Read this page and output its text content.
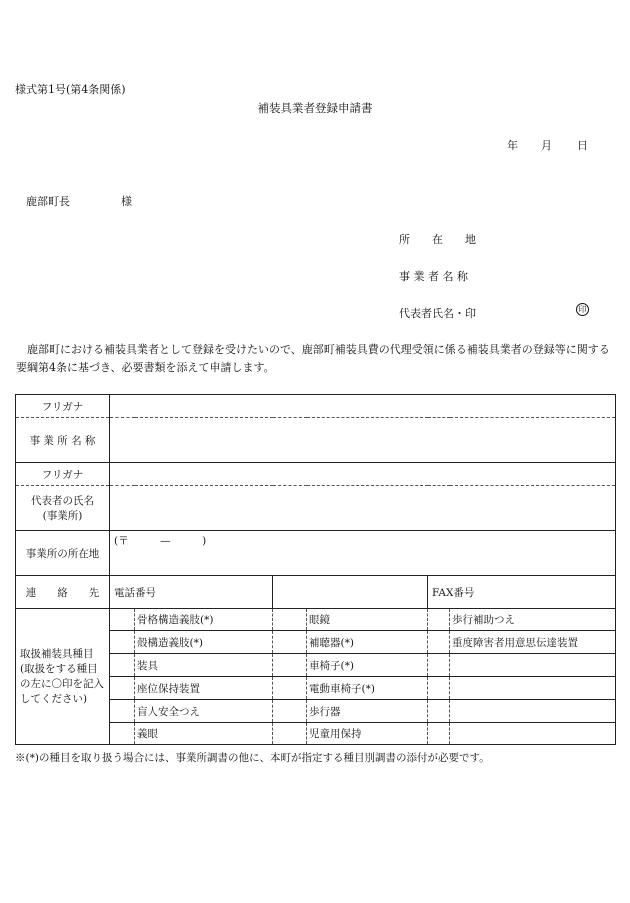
様式第1号(第4条関係)
補装具業者登録申請書
年 月 日
鹿部町長	様
所　　在　　地
事 業 者 名 称
代表者氏名・印	印
鹿部町における補装具業者として登録を受けたいので、鹿部町補装具費の代理受領に係る補装具業者の登録等に関する要綱第4条に基づき、必要書類を添えて申請します。
フリガナ						
事 業 所 名 称						
フリガナ						

代表者の氏名
(事業所)						

事業所の所在地	(〒　　　—　　　)					

連　　絡　　先	電話番号				FAX番号	
取扱補装具種目(取扱をする種目の左に〇印を記入してください)		骨格構造義肢(*)		眼鏡		歩行補助つえ
		殻構造義肢(*)		補聴器(*)		重度障害者用意思伝達装置
		装具		車椅子(*)		
		座位保持装置		電動車椅子(*)		
		盲人安全つえ		歩行器		
		義眼		児童用保持		
※(*)の種目を取り扱う場合には、事業所調書の他に、本町が指定する種目別調書の添付が必要です。
